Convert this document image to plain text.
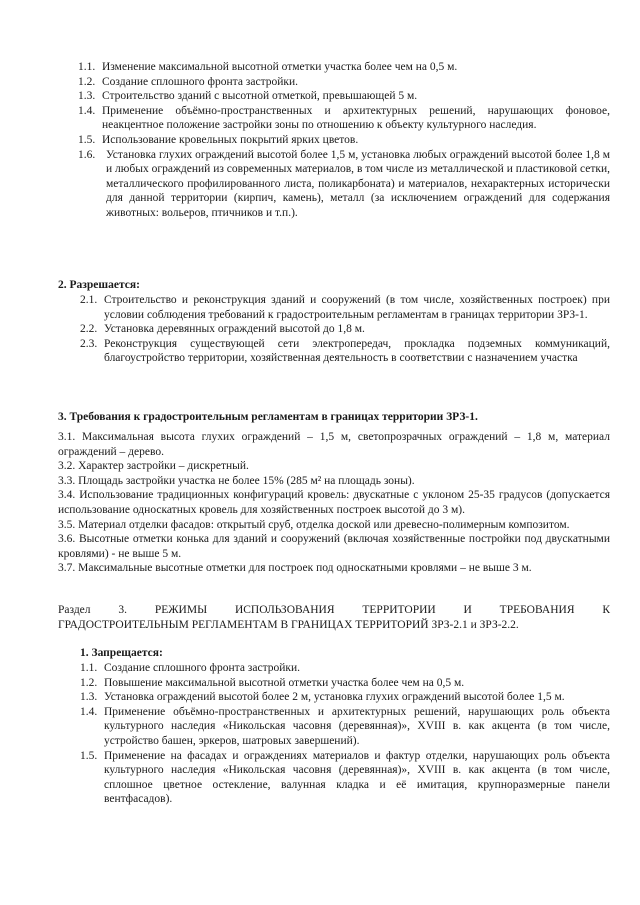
1.1. Изменение максимальной высотной отметки участка более чем на 0,5 м.
1.2. Создание сплошного фронта застройки.
1.3. Строительство зданий с высотной отметкой, превышающей 5 м.
1.4. Применение объёмно-пространственных и архитектурных решений, нарушающих фоновое, неакцентное положение застройки зоны по отношению к объекту культурного наследия.
1.5. Использование кровельных покрытий ярких цветов.
1.6. Установка глухих ограждений высотой более 1,5 м, установка любых ограждений высотой более 1,8 м и любых ограждений из современных материалов, в том числе из металлической и пластиковой сетки, металлического профилированного листа, поликарбоната) и материалов, нехарактерных исторически для данной территории (кирпич, камень), металл (за исключением ограждений для содержания животных: вольеров, птичников и т.п.).
2. Разрешается:
2.1. Строительство и реконструкция зданий и сооружений (в том числе, хозяйственных построек) при условии соблюдения требований к градостроительным регламентам в границах территории ЗРЗ-1.
2.2. Установка деревянных ограждений высотой до 1,8 м.
2.3. Реконструкция существующей сети электропередач, прокладка подземных коммуникаций, благоустройство территории, хозяйственная деятельность в соответствии с назначением участка
3. Требования к градостроительным регламентам в границах территории ЗРЗ-1.

3.1. Максимальная высота глухих ограждений – 1,5 м, светопрозрачных ограждений – 1,8 м, материал ограждений – дерево.

3.2. Характер застройки – дискретный.

3.3. Площадь застройки участка не более 15% (285 м² на площадь зоны).

3.4. Использование традиционных конфигураций кровель: двускатные с уклоном 25-35 градусов (допускается использование односкатных кровель для хозяйственных построек высотой до 3 м).

3.5. Материал отделки фасадов: открытый сруб, отделка доской или древесно-полимерным композитом.

3.6. Высотные отметки конька для зданий и сооружений (включая хозяйственные постройки под двускатными кровлями) - не выше 5 м.

3.7. Максимальные высотные отметки для построек под односкатными кровлями – не выше 3 м.

Раздел 3. РЕЖИМЫ ИСПОЛЬЗОВАНИЯ ТЕРРИТОРИИ И ТРЕБОВАНИЯ К
ГРАДОСТРОИТЕЛЬНЫМ РЕГЛАМЕНТАМ В ГРАНИЦАХ ТЕРРИТОРИЙ ЗРЗ-2.1 и ЗРЗ-2.2.
1. Запрещается:
1.1. Создание сплошного фронта застройки.
1.2. Повышение максимальной высотной отметки участка более чем на 0,5 м.
1.3. Установка ограждений высотой более 2 м, установка глухих ограждений высотой более 1,5 м.
1.4. Применение объёмно-пространственных и архитектурных решений, нарушающих роль объекта культурного наследия «Никольская часовня (деревянная)», XVIII в. как акцента (в том числе, устройство башен, эркеров, шатровых завершений).
1.5. Применение на фасадах и ограждениях материалов и фактур отделки, нарушающих роль объекта культурного наследия «Никольская часовня (деревянная)», XVIII в. как акцента (в том числе, сплошное цветное остекление, валунная кладка и её имитация, крупноразмерные панели вентфасадов).
